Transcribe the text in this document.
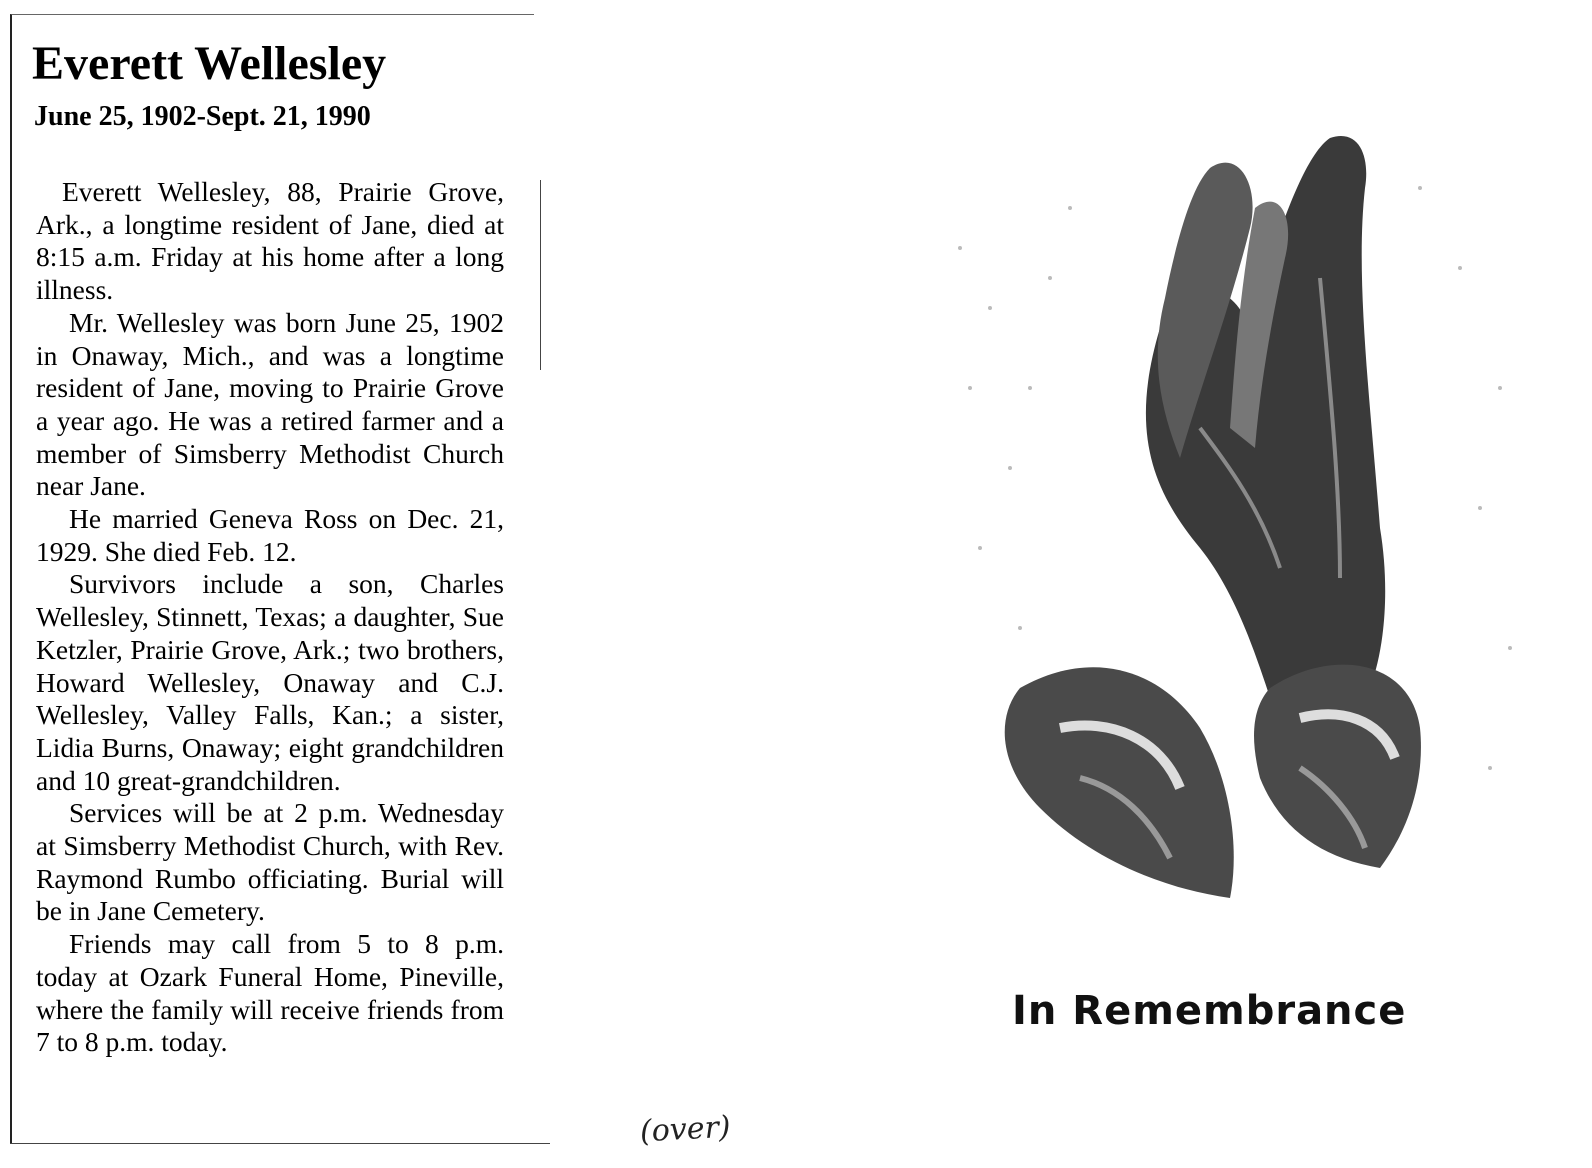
Everett Wellesley
June 25, 1902-Sept. 21, 1990

Everett Wellesley, 88, Prairie Grove, Ark., a longtime resident of Jane, died at 8:15 a.m. Friday at his home after a long illness.

Mr. Wellesley was born June 25, 1902 in Onaway, Mich., and was a longtime resident of Jane, moving to Prairie Grove a year ago. He was a retired farmer and a member of Simsberry Methodist Church near Jane.

He married Geneva Ross on Dec. 21, 1929. She died Feb. 12.

Survivors include a son, Charles Wellesley, Stinnett, Texas; a daughter, Sue Ketzler, Prairie Grove, Ark.; two brothers, Howard Wellesley, Onaway and C.J. Wellesley, Valley Falls, Kan.; a sister, Lidia Burns, Onaway; eight grandchildren and 10 great-grandchildren.

Services will be at 2 p.m. Wednesday at Simsberry Methodist Church, with Rev. Raymond Rumbo officiating. Burial will be in Jane Cemetery.

Friends may call from 5 to 8 p.m. today at Ozark Funeral Home, Pineville, where the family will receive friends from 7 to 8 p.m. today.

In Remembrance
(over)
